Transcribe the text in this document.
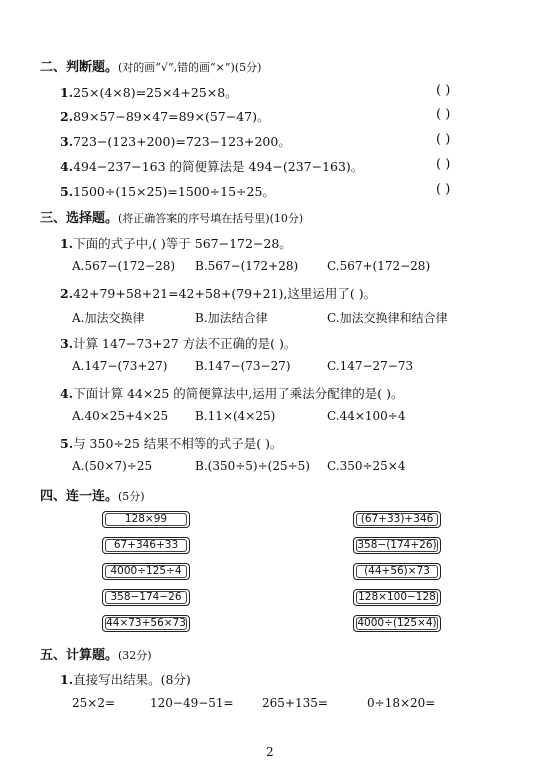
二、判断题。(对的画“√”,错的画“×”)(5分)
1.25×(4×8)=25×4+25×8。	( )
2.89×57−89×47=89×(57−47)。	( )
3.723−(123+200)=723−123+200。	( )
4.494−237−163 的简便算法是 494−(237−163)。	( )
5.1500÷(15×25)=1500÷15÷25。	( )
三、选择题。(将正确答案的序号填在括号里)(10分)
1.下面的式子中,( )等于 567−172−28。
A.567−(172−28) B.567−(172+28) C.567+(172−28)
2.42+79+58+21=42+58+(79+21),这里运用了( )。
A.加法交换律	B.加法结合律	C.加法交换律和结合律
3.计算 147−73+27 方法不正确的是( )。
A.147−(73+27) B.147−(73−27)	C.147−27−73
4.下面计算 44×25 的简便算法中,运用了乘法分配律的是( )。
A.40×25+4×25 B.11×(4×25)	C.44×100÷4
5.与 350÷25 结果不相等的式子是( )。
A.(50×7)÷25	B.(350÷5)÷(25÷5) C.350÷25×4
四、连一连。(5分)
128×99
67+346+33
4000÷125÷4
358−174−26
44×73+56×73
(67+33)+346
358−(174+26)
(44+56)×73
128×100−128
4000÷(125×4)
五、计算题。(32分)
1.直接写出结果。(8分)
25×2=	120−49−51= 265+135=	0÷18×20=
2
